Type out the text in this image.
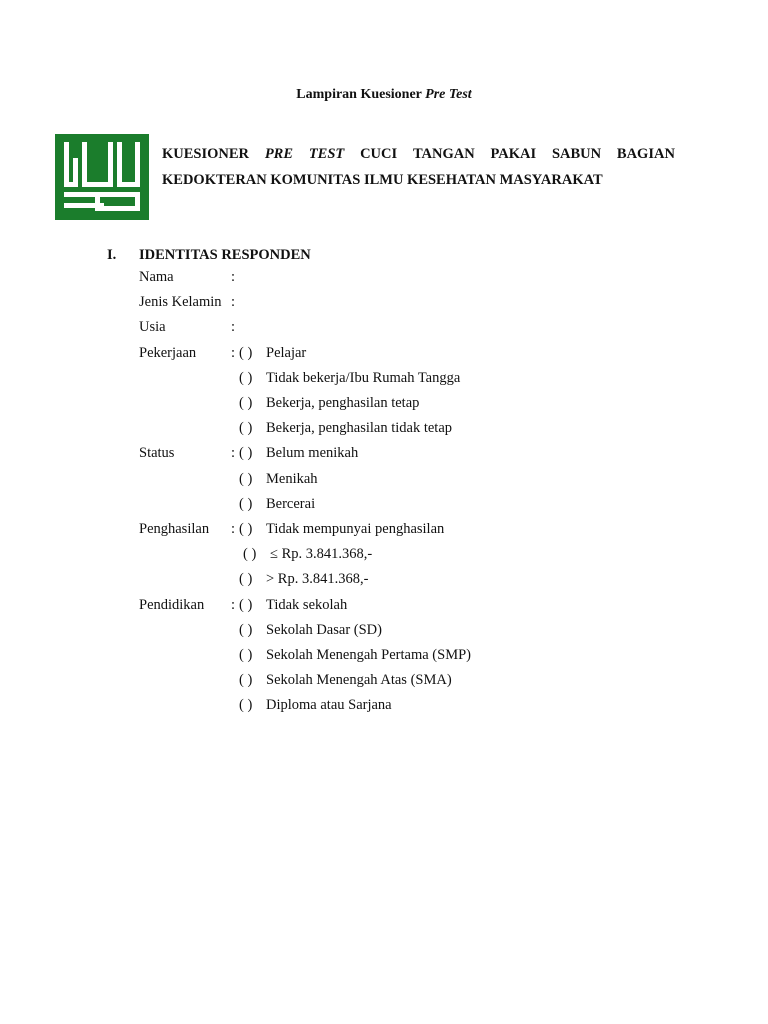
Lampiran Kuesioner Pre Test
KUESIONER PRE TEST CUCI TANGAN PAKAI SABUN BAGIAN
KEDOKTERAN KOMUNITAS ILMU KESEHATAN MASYARAKAT
I. IDENTITAS RESPONDEN
Nama	:
Jenis Kelamin :
Usia	:
Pekerjaan : ( ) Pelajar
( ) Tidak bekerja/Ibu Rumah Tangga
( ) Bekerja, penghasilan tetap
( ) Bekerja, penghasilan tidak tetap
Status	: ( ) Belum menikah
( ) Menikah
( ) Bercerai
Penghasilan : ( ) Tidak mempunyai penghasilan
( ) ≤ Rp. 3.841.368,-
( ) > Rp. 3.841.368,-
Pendidikan : ( ) Tidak sekolah
( ) Sekolah Dasar (SD)
( ) Sekolah Menengah Pertama (SMP)
( ) Sekolah Menengah Atas (SMA)
( ) Diploma atau Sarjana
